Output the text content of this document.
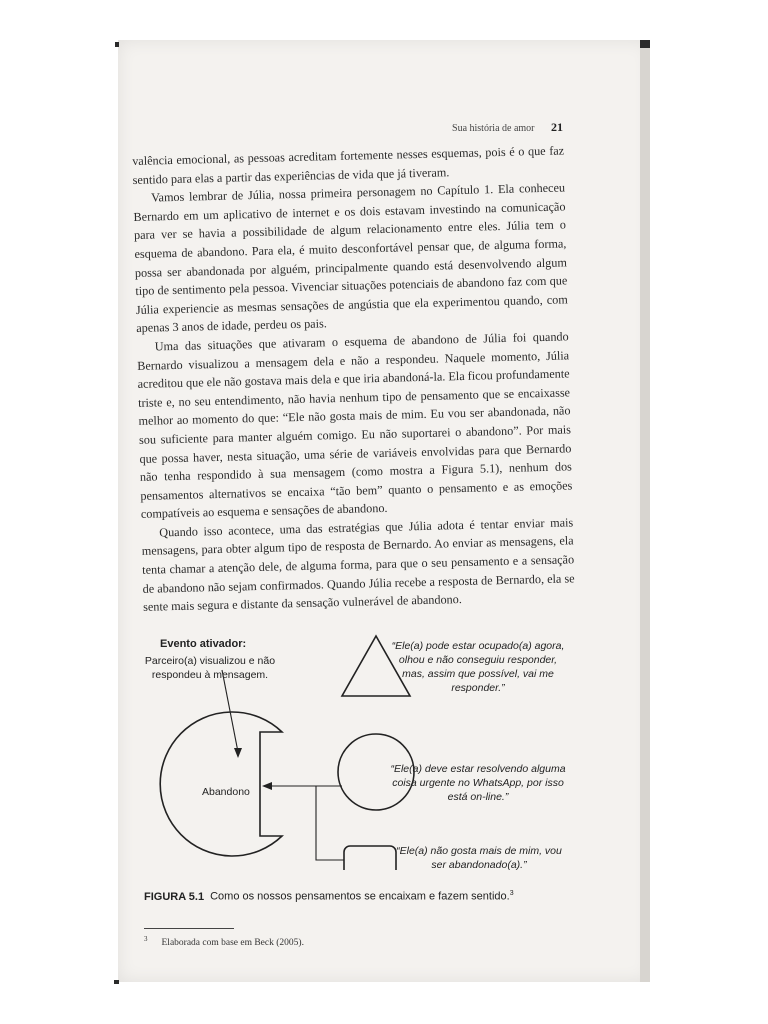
Sua história de amor 21

valência emocional, as pessoas acreditam fortemente nesses esquemas, pois é o que faz sentido para elas a partir das experiências de vida que já tiveram.

Vamos lembrar de Júlia, nossa primeira personagem no Capítulo 1. Ela conheceu Bernardo em um aplicativo de internet e os dois estavam investindo na comunicação para ver se havia a possibilidade de algum relacionamento entre eles. Júlia tem o esquema de abandono. Para ela, é muito desconfortável pensar que, de alguma forma, possa ser abandonada por alguém, principalmente quando está desenvolvendo algum tipo de sentimento pela pessoa. Vivenciar situações potenciais de abandono faz com que Júlia experiencie as mesmas sensações de angústia que ela experimentou quando, com apenas 3 anos de idade, perdeu os pais.

Uma das situações que ativaram o esquema de abandono de Júlia foi quando Bernardo visualizou a mensagem dela e não a respondeu. Naquele momento, Júlia acreditou que ele não gostava mais dela e que iria abandoná-la. Ela ficou profundamente triste e, no seu entendimento, não havia nenhum tipo de pensamento que se encaixasse melhor ao momento do que: “Ele não gosta mais de mim. Eu vou ser abandonada, não sou suficiente para manter alguém comigo. Eu não suportarei o abandono”. Por mais que possa haver, nesta situação, uma série de variáveis envolvidas para que Bernardo não tenha respondido à sua mensagem (como mostra a Figura 5.1), nenhum dos pensamentos alternativos se encaixa “tão bem” quanto o pensamento e as emoções compatíveis ao esquema e sensações de abandono.

Quando isso acontece, uma das estratégias que Júlia adota é tentar enviar mais mensagens, para obter algum tipo de resposta de Bernardo. Ao enviar as mensagens, ela tenta chamar a atenção dele, de alguma forma, para que o seu pensamento e a sensação de abandono não sejam confirmados. Quando Júlia recebe a resposta de Bernardo, ela se sente mais segura e distante da sensação vulnerável de abandono.

Evento ativador:
Parceiro(a) visualizou e não respondeu à mensagem.
Abandono
“Ele(a) pode estar ocupado(a) agora, olhou e não conseguiu responder, mas, assim que possível, vai me responder.”
“Ele(a) deve estar resolvendo alguma coisa urgente no WhatsApp, por isso está on-line.”
“Ele(a) não gosta mais de mim, vou ser abandonado(a).”
FIGURA 5.1 Como os nossos pensamentos se encaixam e fazem sentido.$^3$
$^3$ Elaborada com base em Beck (2005).
